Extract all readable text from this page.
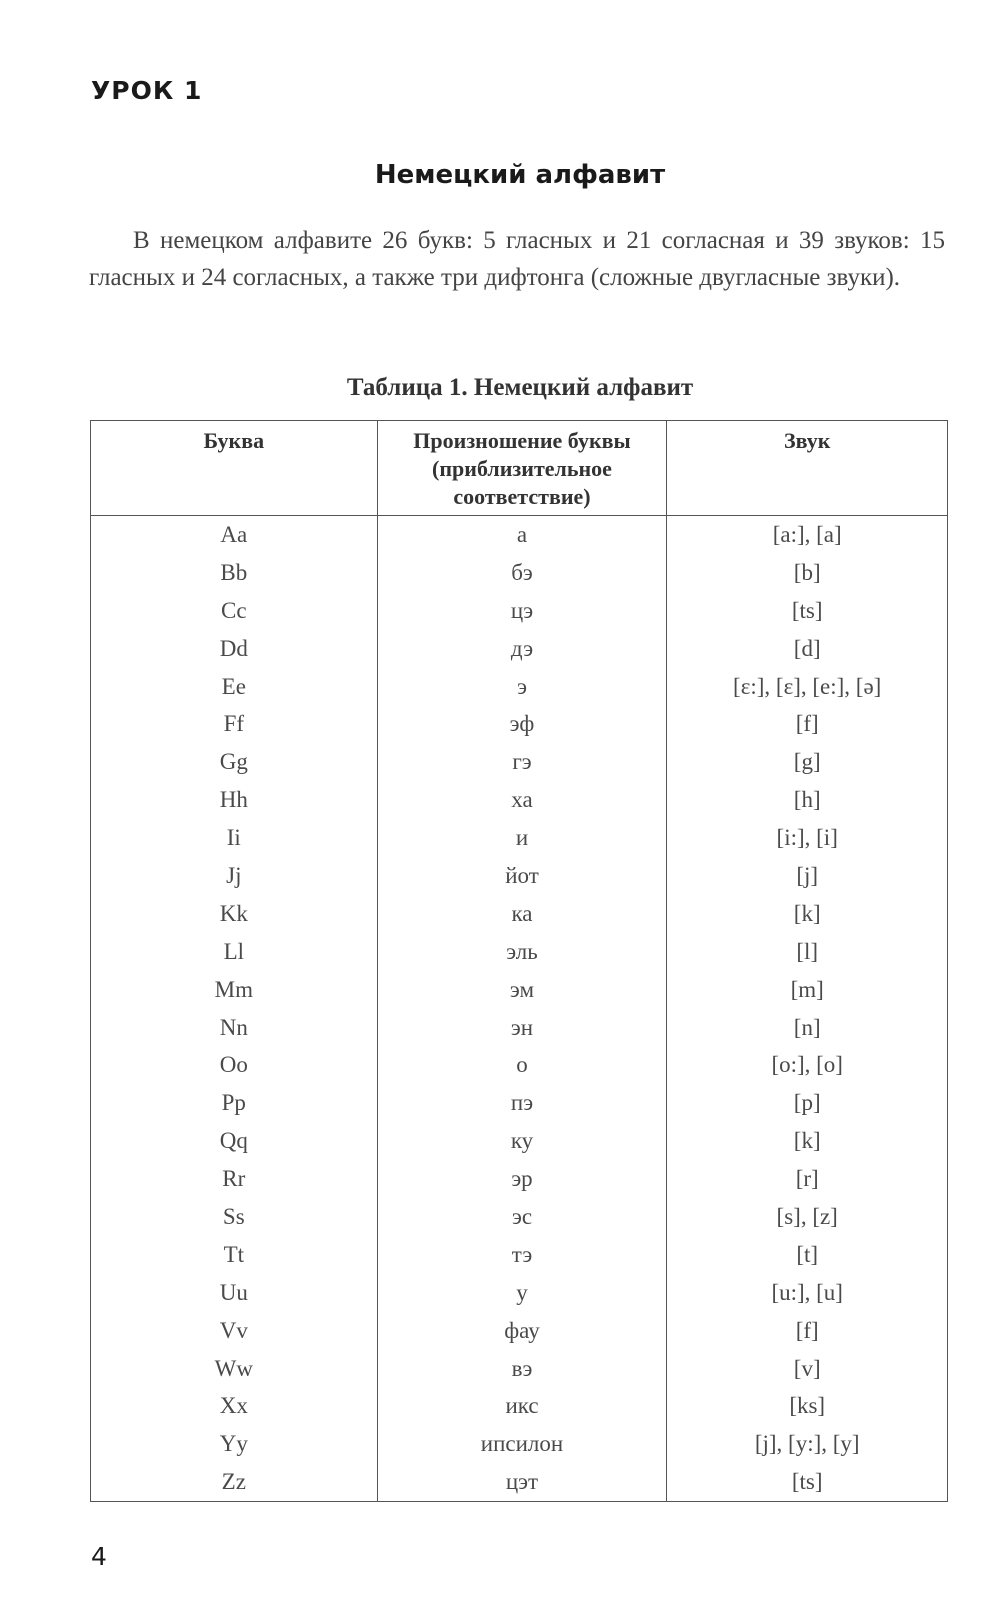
УРОК 1
Немецкий алфавит

В немецком алфавите 26 букв: 5 гласных и 21 согласная и 39 звуков: 15 гласных и 24 согласных, а также три дифтонга (сложные двугласные звуки).

Таблица 1. Немецкий алфавит
Буква	Произношение буквы (приблизительное соответствие)	Звук
Aa	а	[a:], [a]
Bb	бэ	[b]
Cc	цэ	[ts]
Dd	дэ	[d]
Ee	э	[ɛ:], [ɛ], [e:], [ə]
Ff	эф	[f]
Gg	гэ	[g]
Hh	ха	[h]
Ii	и	[i:], [i]
Jj	йот	[j]
Kk	ка	[k]
Ll	эль	[l]
Mm	эм	[m]
Nn	эн	[n]
Oo	о	[o:], [o]
Pp	пэ	[p]
Qq	ку	[k]
Rr	эр	[r]
Ss	эс	[s], [z]
Tt	тэ	[t]
Uu	у	[u:], [u]
Vv	фау	[f]
Ww	вэ	[v]
Xx	икс	[ks]
Yy	ипсилон	[j], [y:], [y]
Zz	цэт	[ts]
4
